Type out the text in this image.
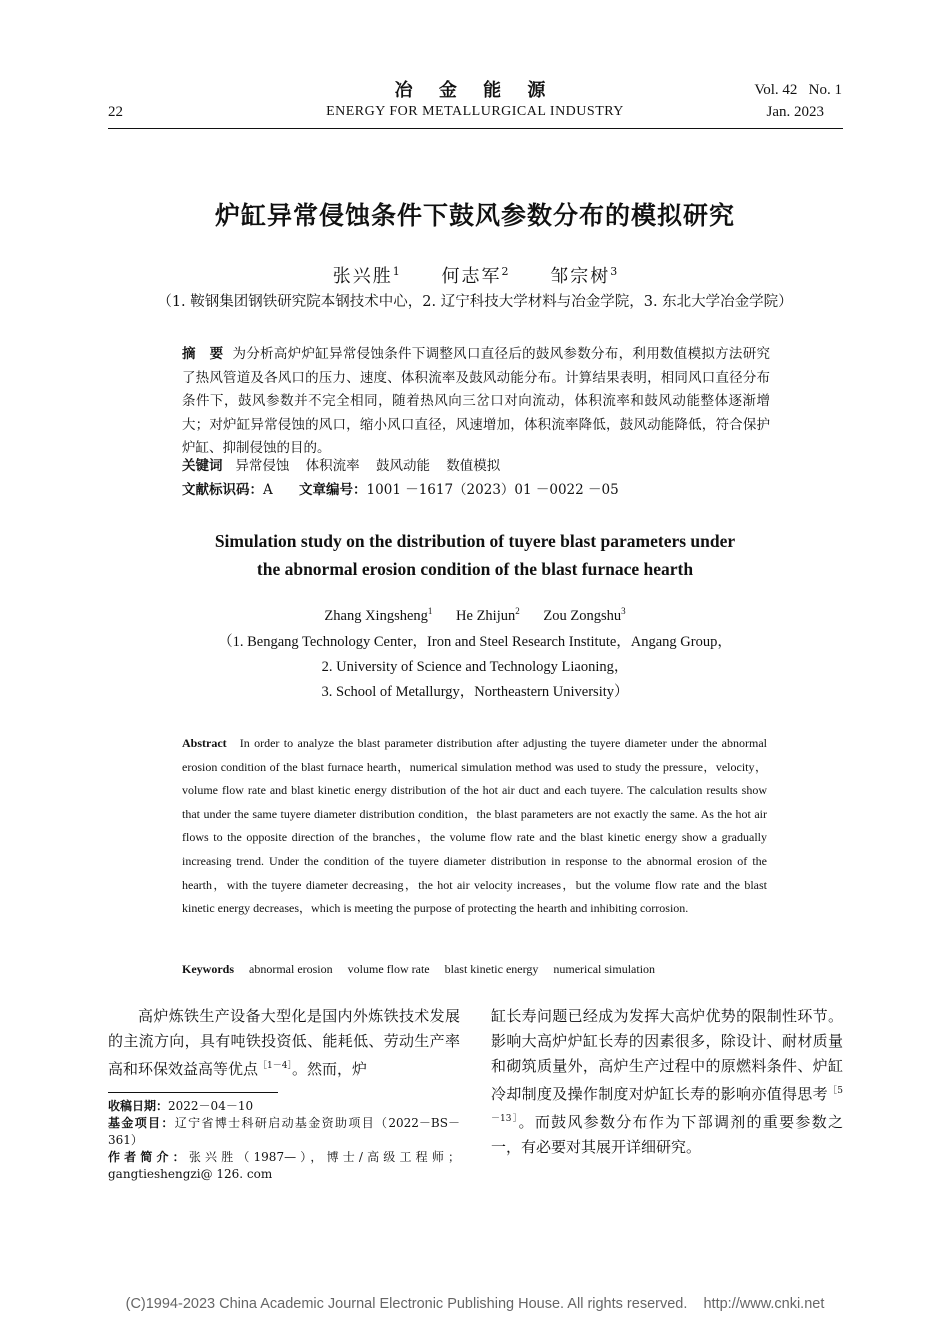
冶 金 能 源
22	ENERGY FOR METALLURGICAL INDUSTRY
Vol. 42   No. 1
Jan. 2023
炉缸异常侵蚀条件下鼓风参数分布的模拟研究
张兴胜$^1$ 何志军$^2$ 邹宗树$^3$
（1. 鞍钢集团钢铁研究院本钢技术中心，2. 辽宁科技大学材料与冶金学院，3. 东北大学冶金学院）
摘　要 为分析高炉炉缸异常侵蚀条件下调整风口直径后的鼓风参数分布，利用数值模拟方法研究了热风管道及各风口的压力、速度、体积流率及鼓风动能分布。计算结果表明，相同风口直径分布条件下，鼓风参数并不完全相同，随着热风向三岔口对向流动，体积流率和鼓风动能整体逐渐增大；对炉缸异常侵蚀的风口，缩小风口直径，风速增加，体积流率降低，鼓风动能降低，符合保护炉缸、抑制侵蚀的目的。
关键词 异常侵蚀 体积流率 鼓风动能 数值模拟
文献标识码：A 文章编号：1001 －1617（2023）01 －0022 －05
Simulation study on the distribution of tuyere blast parameters under
the abnormal erosion condition of the blast furnace hearth
Zhang Xingsheng$^1$ He Zhijun$^2$ Zou Zongshu$^3$
（1. Bengang Technology Center，Iron and Steel Research Institute，Angang Group，
2. University of Science and Technology Liaoning，
3. School of Metallurgy，Northeastern University）
Abstract In order to analyze the blast parameter distribution after adjusting the tuyere diameter under the abnormal erosion condition of the blast furnace hearth，numerical simulation method was used to study the pressure，velocity，volume flow rate and blast kinetic energy distribution of the hot air duct and each tuyere. The calculation results show that under the same tuyere diameter distribution condition，the blast parameters are not exactly the same. As the hot air flows to the opposite direction of the branches，the volume flow rate and the blast kinetic energy show a gradually increasing trend. Under the condition of the tuyere diameter distribution in response to the abnormal erosion of the hearth，with the tuyere diameter decreasing，the hot air velocity increases，but the volume flow rate and the blast kinetic energy decreases，which is meeting the purpose of protecting the hearth and inhibiting corrosion.
Keywords abnormal erosion volume flow rate blast kinetic energy numerical simulation
高炉炼铁生产设备大型化是国内外炼铁技术发展的主流方向，具有吨铁投资低、能耗低、劳动生产率高和环保效益高等优点$^{[1-4]}$。然而，炉
缸长寿问题已经成为发挥大高炉优势的限制性环节。影响大高炉炉缸长寿的因素很多，除设计、耐材质量和砌筑质量外，高炉生产过程中的原燃料条件、炉缸冷却制度及操作制度对炉缸长寿的影响亦值得思考$^{[5-13]}$。而鼓风参数分布作为下部调剂的重要参数之一，有必要对其展开详细研究。
收稿日期：2022－04－10
基金项目：辽宁省博士科研启动基金资助项目（2022－BS－361）
作者简介：张兴胜（1987—），博士/高级工程师；gangtieshengzi@ 126. com
(C)1994-2023 China Academic Journal Electronic Publishing House. All rights reserved.    http://www.cnki.net
